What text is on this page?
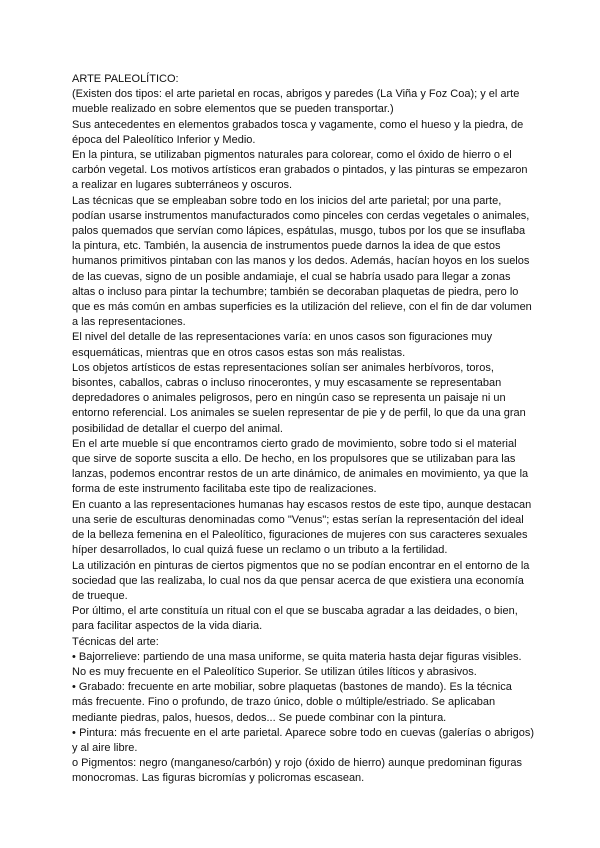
ARTE PALEOLÍTICO:

(Existen dos tipos: el arte parietal en rocas, abrigos y paredes (La Viña y Foz Coa); y el arte mueble realizado en sobre elementos que se pueden transportar.)

Sus antecedentes en elementos grabados tosca y vagamente, como el hueso y la piedra, de época del Paleolítico Inferior y Medio.

En la pintura, se utilizaban pigmentos naturales para colorear, como el óxido de hierro o el carbón vegetal. Los motivos artísticos eran grabados o pintados, y las pinturas se empezaron a realizar en lugares subterráneos y oscuros.

Las técnicas que se empleaban sobre todo en los inicios del arte parietal; por una parte, podían usarse instrumentos manufacturados como pinceles con cerdas vegetales o animales, palos quemados que servían como lápices, espátulas, musgo, tubos por los que se insuflaba la pintura, etc. También, la ausencia de instrumentos puede darnos la idea de que estos humanos primitivos pintaban con las manos y los dedos. Además, hacían hoyos en los suelos de las cuevas, signo de un posible andamiaje, el cual se habría usado para llegar a zonas altas o incluso para pintar la techumbre; también se decoraban plaquetas de piedra, pero lo que es más común en ambas superficies es la utilización del relieve, con el fin de dar volumen a las representaciones.

El nivel del detalle de las representaciones varía: en unos casos son figuraciones muy esquemáticas, mientras que en otros casos estas son más realistas.

Los objetos artísticos de estas representaciones solían ser animales herbívoros, toros, bisontes, caballos, cabras o incluso rinocerontes, y muy escasamente se representaban depredadores o animales peligrosos, pero en ningún caso se representa un paisaje ni un entorno referencial. Los animales se suelen representar de pie y de perfil, lo que da una gran posibilidad de detallar el cuerpo del animal.

En el arte mueble sí que encontramos cierto grado de movimiento, sobre todo si el material que sirve de soporte suscita a ello. De hecho, en los propulsores que se utilizaban para las lanzas, podemos encontrar restos de un arte dinámico, de animales en movimiento, ya que la forma de este instrumento facilitaba este tipo de realizaciones.

En cuanto a las representaciones humanas hay escasos restos de este tipo, aunque destacan una serie de esculturas denominadas como "Venus"; estas serían la representación del ideal de la belleza femenina en el Paleolítico, figuraciones de mujeres con sus caracteres sexuales híper desarrollados, lo cual quizá fuese un reclamo o un tributo a la fertilidad.

La utilización en pinturas de ciertos pigmentos que no se podían encontrar en el entorno de la sociedad que las realizaba, lo cual nos da que pensar acerca de que existiera una economía de trueque.

Por último, el arte constituía un ritual con el que se buscaba agradar a las deidades, o bien, para facilitar aspectos de la vida diaria.

Técnicas del arte:

• Bajorrelieve: partiendo de una masa uniforme, se quita materia hasta dejar figuras visibles. No es muy frecuente en el Paleolítico Superior. Se utilizan útiles líticos y abrasivos.

• Grabado: frecuente en arte mobiliar, sobre plaquetas (bastones de mando). Es la técnica más frecuente. Fino o profundo, de trazo único, doble o múltiple/estriado. Se aplicaban mediante piedras, palos, huesos, dedos... Se puede combinar con la pintura.

• Pintura: más frecuente en el arte parietal. Aparece sobre todo en cuevas (galerías o abrigos) y al aire libre.

o Pigmentos: negro (manganeso/carbón) y rojo (óxido de hierro) aunque predominan figuras monocromas. Las figuras bicromías y policromas escasean.
